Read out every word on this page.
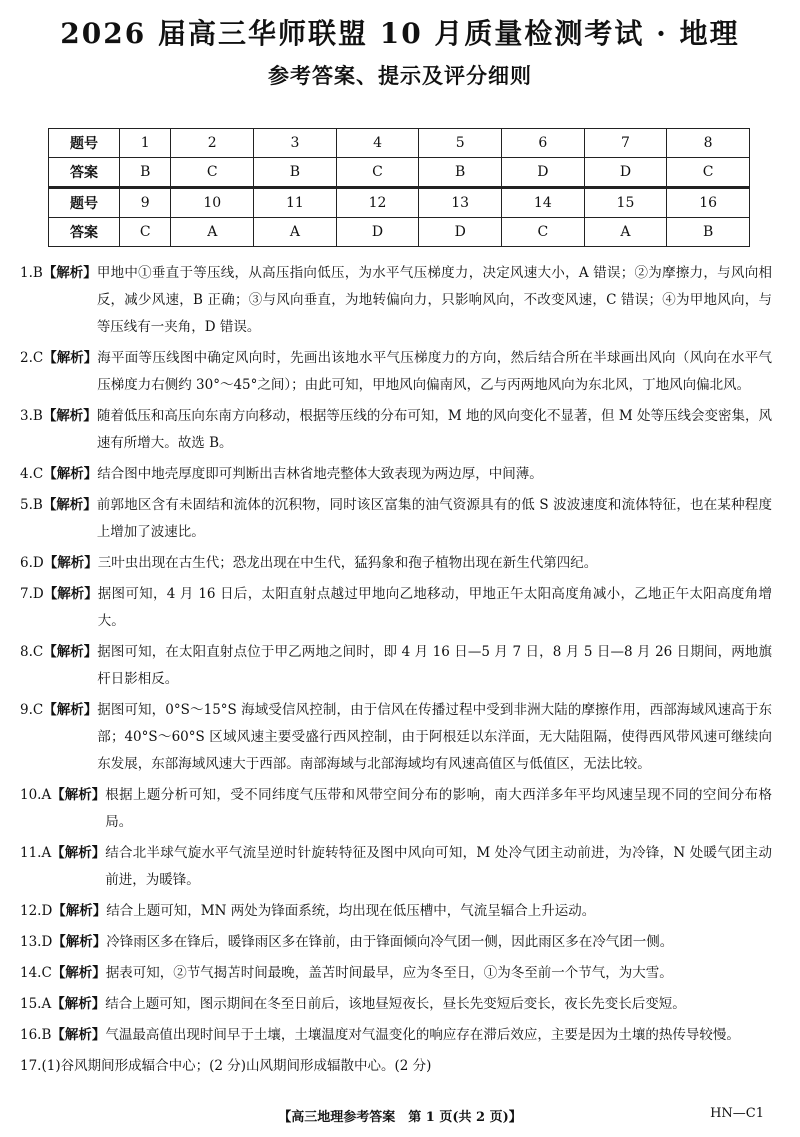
2026 届高三华师联盟 10 月质量检测考试 · 地理
参考答案、提示及评分细则
题号	1	2	3	4	5	6	7	8
答案	B	C	B	C	B	D	D	C
题号	9	10	11	12	13	14	15	16
答案	C	A	A	D	D	C	A	B
1.B【解析】 甲地中①垂直于等压线，从高压指向低压，为水平气压梯度力，决定风速大小，A 错误；②为摩擦力，与风向相反，减少风速，B 正确；③与风向垂直，为地转偏向力，只影响风向，不改变风速，C 错误；④为甲地风向，与等压线有一夹角，D 错误。
2.C【解析】 海平面等压线图中确定风向时，先画出该地水平气压梯度力的方向，然后结合所在半球画出风向（风向在水平气压梯度力右侧约 30°～45°之间）；由此可知，甲地风向偏南风，乙与丙两地风向为东北风，丁地风向偏北风。
3.B【解析】 随着低压和高压向东南方向移动，根据等压线的分布可知，M 地的风向变化不显著，但 M 处等压线会变密集，风速有所增大。故选 B。
4.C【解析】 结合图中地壳厚度即可判断出吉林省地壳整体大致表现为两边厚，中间薄。
5.B【解析】 前郭地区含有未固结和流体的沉积物，同时该区富集的油气资源具有的低 S 波波速度和流体特征，也在某种程度上增加了波速比。
6.D【解析】 三叶虫出现在古生代；恐龙出现在中生代，猛犸象和孢子植物出现在新生代第四纪。
7.D【解析】 据图可知，4 月 16 日后，太阳直射点越过甲地向乙地移动，甲地正午太阳高度角减小，乙地正午太阳高度角增大。
8.C【解析】 据图可知，在太阳直射点位于甲乙两地之间时，即 4 月 16 日—5 月 7 日，8 月 5 日—8 月 26 日期间，两地旗杆日影相反。
9.C【解析】 据图可知，0°S～15°S 海域受信风控制，由于信风在传播过程中受到非洲大陆的摩擦作用，西部海域风速高于东部；40°S～60°S 区域风速主要受盛行西风控制，由于阿根廷以东洋面，无大陆阻隔，使得西风带风速可继续向东发展，东部海域风速大于西部。南部海域与北部海域均有风速高值区与低值区，无法比较。
10.A【解析】 根据上题分析可知，受不同纬度气压带和风带空间分布的影响，南大西洋多年平均风速呈现不同的空间分布格局。
11.A【解析】 结合北半球气旋水平气流呈逆时针旋转特征及图中风向可知，M 处冷气团主动前进，为冷锋，N 处暖气团主动前进，为暖锋。
12.D【解析】 结合上题可知，MN 两处为锋面系统，均出现在低压槽中，气流呈辐合上升运动。
13.D【解析】 冷锋雨区多在锋后，暖锋雨区多在锋前，由于锋面倾向冷气团一侧，因此雨区多在冷气团一侧。
14.C【解析】 据表可知，②节气揭苫时间最晚，盖苫时间最早，应为冬至日，①为冬至前一个节气，为大雪。
15.A【解析】 结合上题可知，图示期间在冬至日前后，该地昼短夜长，昼长先变短后变长，夜长先变长后变短。
16.B【解析】 气温最高值出现时间早于土壤，土壤温度对气温变化的响应存在滞后效应，主要是因为土壤的热传导较慢。
17. (1)谷风期间形成辐合中心；(2 分)山风期间形成辐散中心。(2 分)
【高三地理参考答案　第 1 页(共 2 页)】	HN—C1
